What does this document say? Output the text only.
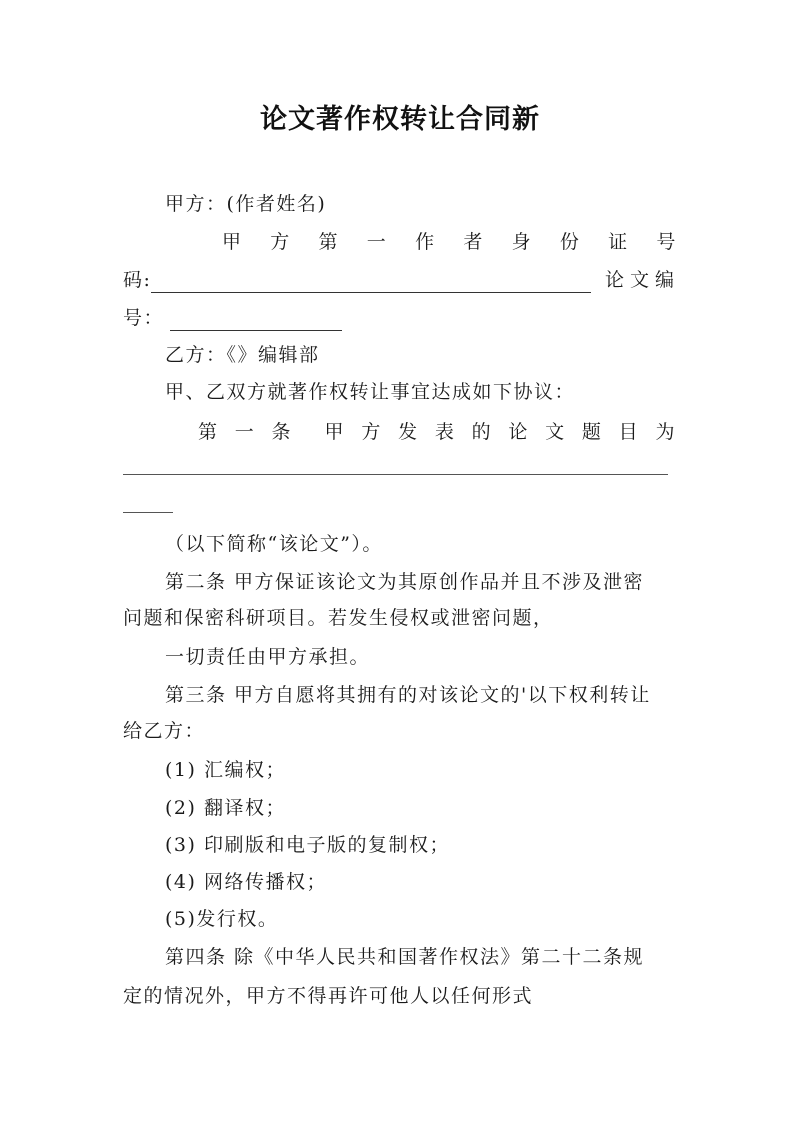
论文著作权转让合同新
甲方：(作者姓名)
甲 方 第 一 作 者 身 份 证 号
码:	论文编
号：
乙方：《》编辑部
甲、乙双方就著作权转让事宜达成如下协议：
第 一 条 甲 方 发 表 的 论 文 题 目 为
（以下简称“该论文”）。
第二条 甲方保证该论文为其原创作品并且不涉及泄密
问题和保密科研项目。若发生侵权或泄密问题，
一切责任由甲方承担。
第三条 甲方自愿将其拥有的对该论文的'以下权利转让
给乙方：
(1) 汇编权；
(2) 翻译权；
(3) 印刷版和电子版的复制权；
(4) 网络传播权；
(5)发行权。
第四条 除《中华人民共和国著作权法》第二十二条规
定的情况外，甲方不得再许可他人以任何形式
